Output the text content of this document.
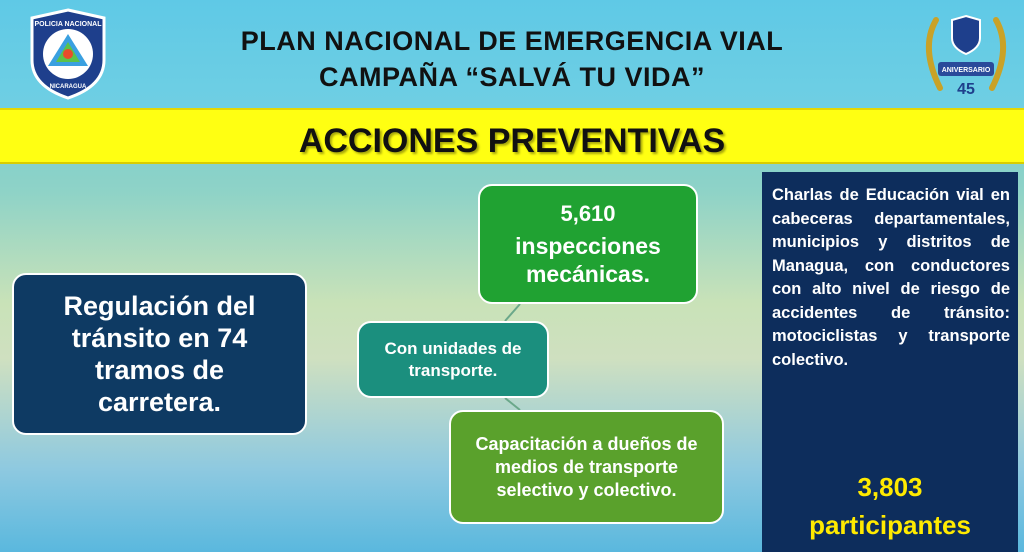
POLICIA NACIONAL
NICARAGUA
PLAN NACIONAL DE EMERGENCIA VIAL
CAMPAÑA “SALVÁ TU VIDA”	ANIVERSARIO
45
ACCIONES PREVENTIVAS
Regulación del tránsito en 74 tramos de carretera.
5,610
inspecciones mecánicas.
Con unidades de transporte.
Capacitación a dueños de medios de transporte selectivo y colectivo.
Charlas de Educación vial en cabeceras departamentales, municipios y distritos de Managua, con conductores con alto nivel de riesgo de accidentes de tránsito: motociclistas y transporte colectivo.
3,803
participantes
